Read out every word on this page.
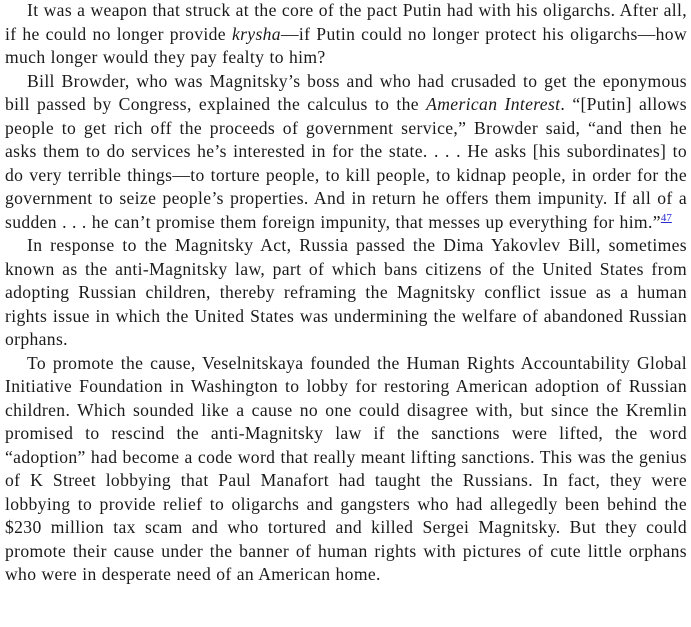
It was a weapon that struck at the core of the pact Putin had with his oligarchs. After all, if he could no longer provide krysha—if Putin could no longer protect his oligarchs—how much longer would they pay fealty to him?

Bill Browder, who was Magnitsky’s boss and who had crusaded to get the eponymous bill passed by Congress, explained the calculus to the American Interest. “[Putin] allows people to get rich off the proceeds of government service,” Browder said, “and then he asks them to do services he’s interested in for the state. . . . He asks [his subordinates] to do very terrible things—to torture people, to kill people, to kidnap people, in order for the government to seize people’s properties. And in return he offers them impunity. If all of a sudden . . . he can’t promise them foreign impunity, that messes up everything for him.”$^{47}$

In response to the Magnitsky Act, Russia passed the Dima Yakovlev Bill, sometimes known as the anti-Magnitsky law, part of which bans citizens of the United States from adopting Russian children, thereby reframing the Magnitsky conflict issue as a human rights issue in which the United States was undermining the welfare of abandoned Russian orphans.

To promote the cause, Veselnitskaya founded the Human Rights Accountability Global Initiative Foundation in Washington to lobby for restoring American adoption of Russian children. Which sounded like a cause no one could disagree with, but since the Kremlin promised to rescind the anti-Magnitsky law if the sanctions were lifted, the word “adoption” had become a code word that really meant lifting sanctions. This was the genius of K Street lobbying that Paul Manafort had taught the Russians. In fact, they were lobbying to provide relief to oligarchs and gangsters who had allegedly been behind the $230 million tax scam and who tortured and killed Sergei Magnitsky. But they could promote their cause under the banner of human rights with pictures of cute little orphans who were in desperate need of an American home.
